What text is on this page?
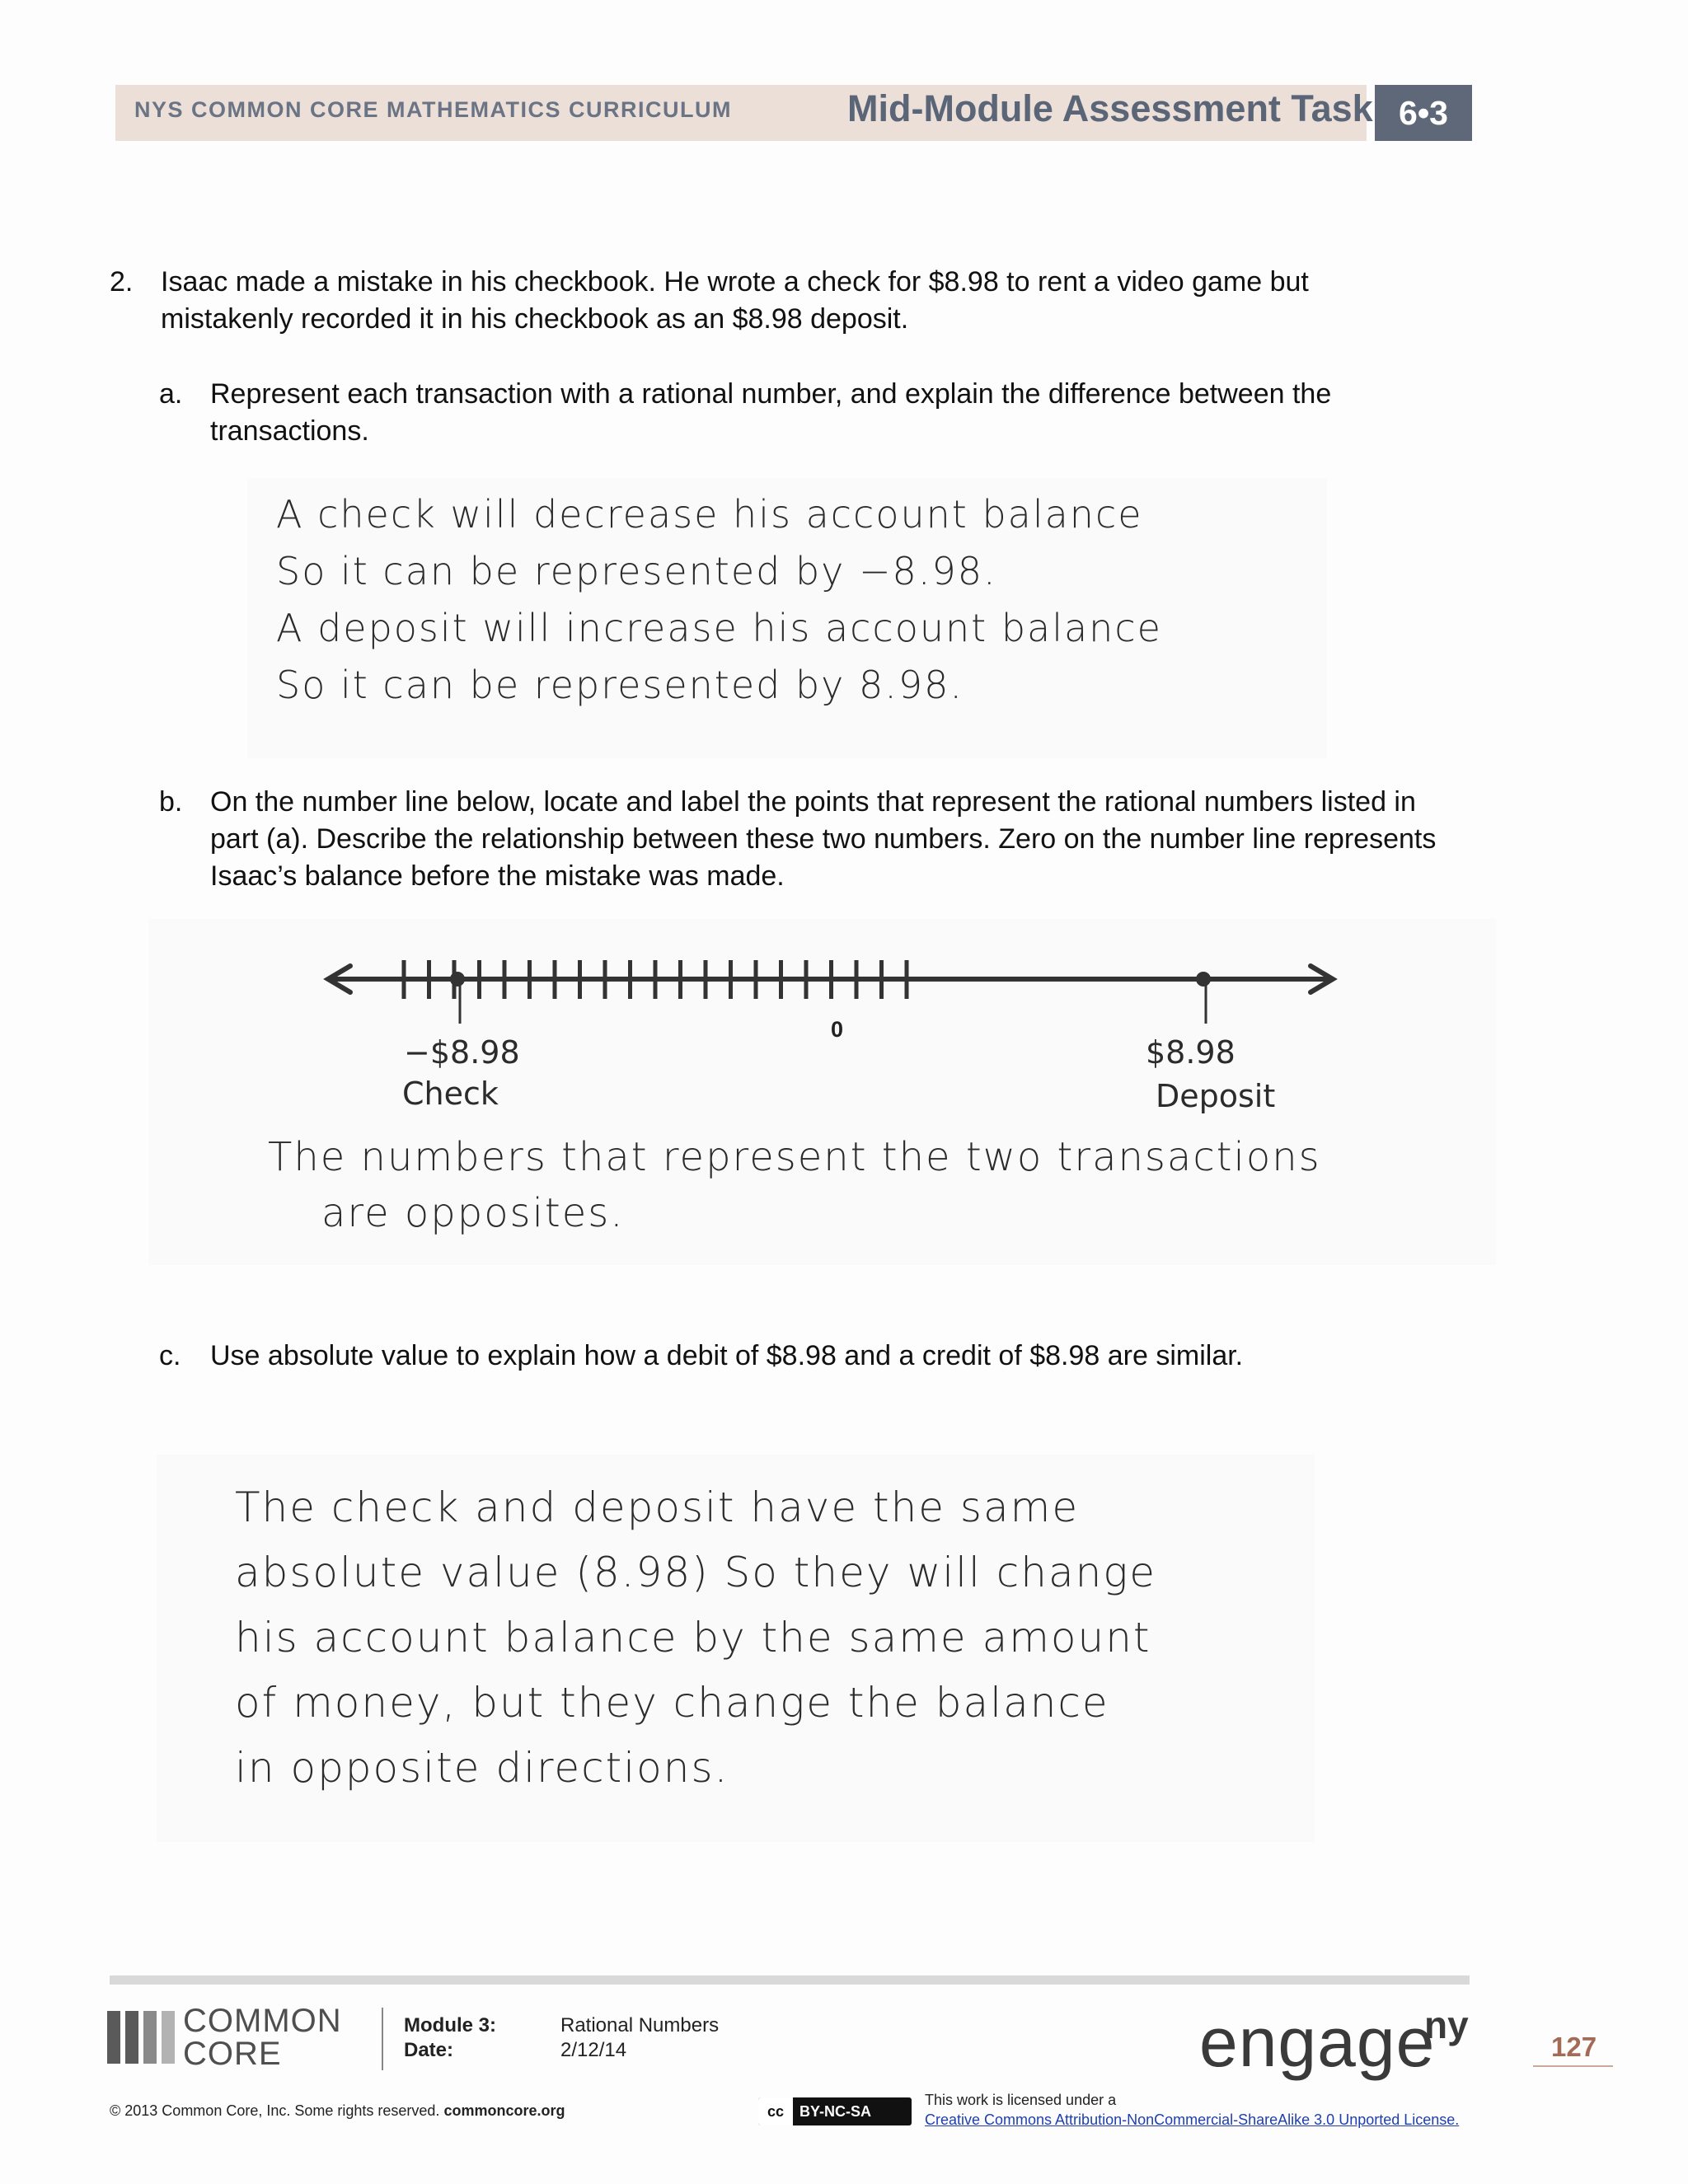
NYS COMMON CORE MATHEMATICS CURRICULUM	Mid-Module Assessment Task 6•3
2. Isaac made a mistake in his checkbook. He wrote a check for $8.98 to rent a video game but mistakenly recorded it in his checkbook as an $8.98 deposit.
a. Represent each transaction with a rational number, and explain the difference between the transactions.
A check will decrease his account balance
So it can be represented by −8.98.
A deposit will increase his account balance
So it can be represented by 8.98.
b. On the number line below, locate and label the points that represent the rational numbers listed in part (a). Describe the relationship between these two numbers. Zero on the number line represents Isaac’s balance before the mistake was made.
0
−$8.98
Check
$8.98
Deposit
The numbers that represent the two transactions
are opposites.
c. Use absolute value to explain how a debit of $8.98 and a credit of $8.98 are similar.
The check and deposit have the same
absolute value (8.98) So they will change
his account balance by the same amount
of money, but they change the balance
in opposite directions.
COMMON
CORE
Module 3:	Rational Numbers
Date:	2/12/14	engage
ny
127
© 2013 Common Core, Inc. Some rights reserved. commoncore.org	cc BY-NC-SA
This work is licensed under a
Creative Commons Attribution-NonCommercial-ShareAlike 3.0 Unported License.
